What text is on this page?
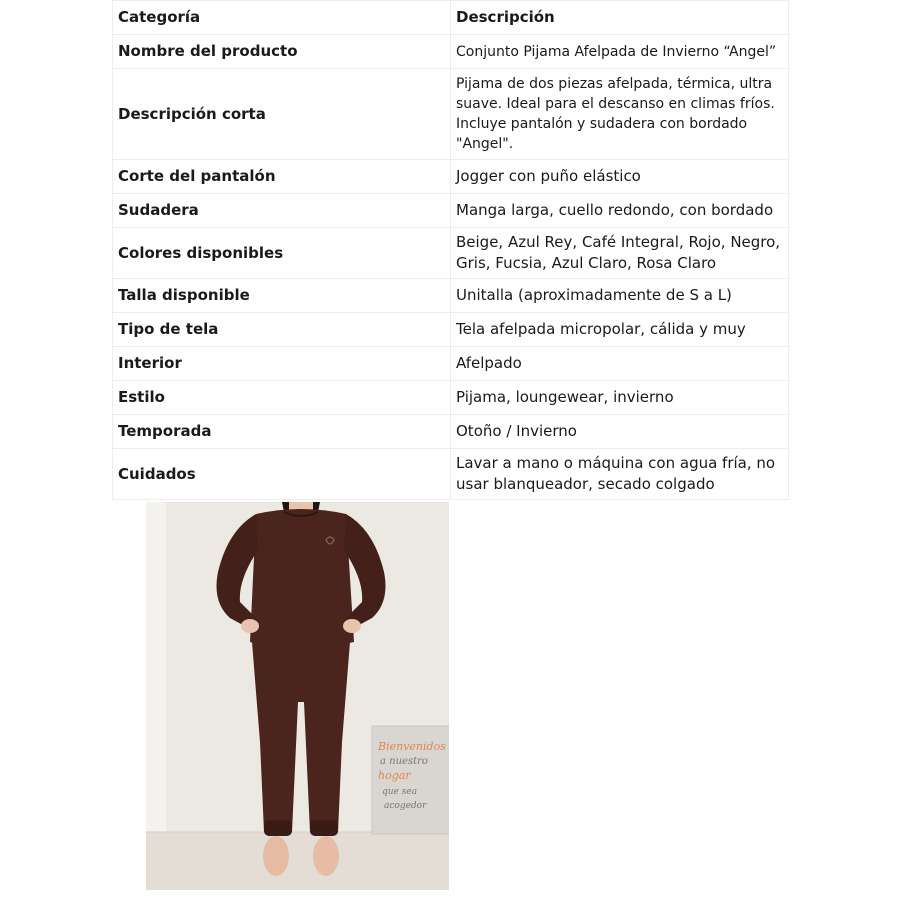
Categoría	Descripción
Nombre del producto	Conjunto Pijama Afelpada de Invierno “Angel”
Descripción corta	Pijama de dos piezas afelpada, térmica, ultra suave. Ideal para el descanso en climas fríos. Incluye pantalón y sudadera con bordado "Angel".
Corte del pantalón	Jogger con puño elástico
Sudadera	Manga larga, cuello redondo, con bordado

Colores disponibles	Beige, Azul Rey, Café Integral, Rojo, Negro, Gris, Fucsia, Azul Claro, Rosa Claro
Talla disponible	Unitalla (aproximadamente de S a L)
Tipo de tela	Tela afelpada micropolar, cálida y muy
Interior	Afelpado
Estilo	Pijama, loungewear, invierno
Temporada	Otoño / Invierno
Cuidados	Lavar a mano o máquina con agua fría, no usar blanqueador, secado colgado
Bienvenidos
a nuestro
hogar
que sea
acogedor
